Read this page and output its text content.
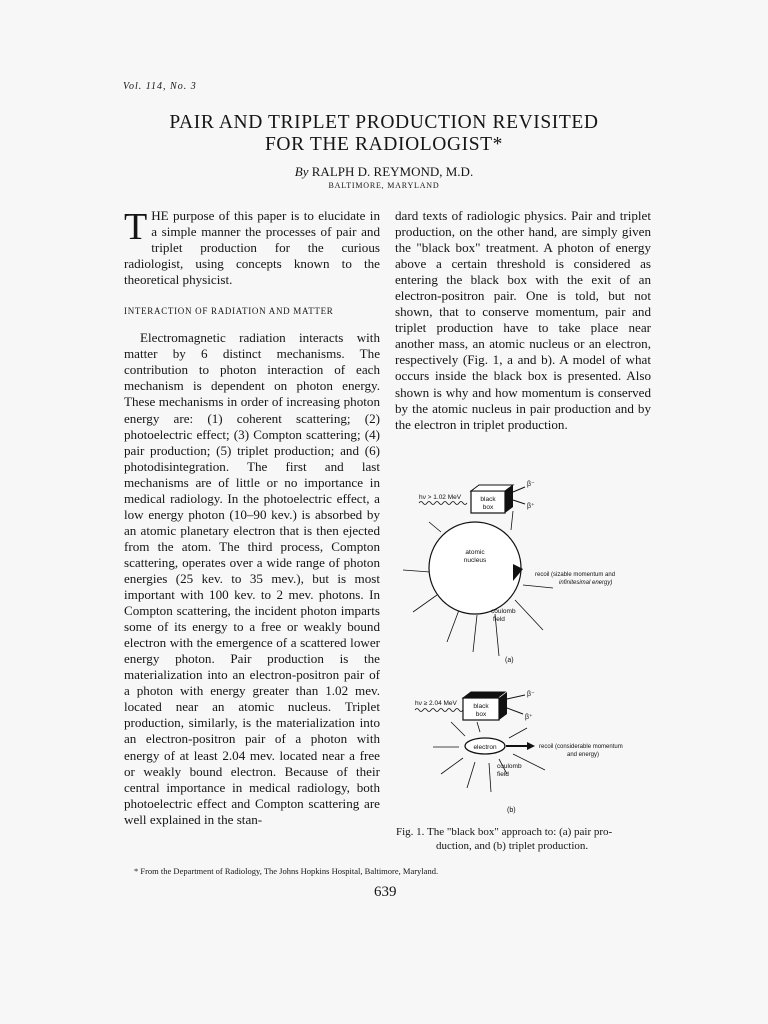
Vol. 114, No. 3
PAIR AND TRIPLET PRODUCTION REVISITED
FOR THE RADIOLOGIST*
By RALPH D. REYMOND, M.D.
BALTIMORE, MARYLAND

THE purpose of this paper is to elucidate in a simple manner the processes of pair and triplet production for the curious radiologist, using concepts known to the theoretical physicist.

INTERACTION OF RADIATION AND MATTER

Electromagnetic radiation interacts with matter by 6 distinct mechanisms. The contribution to photon interaction of each mechanism is dependent on photon energy. These mechanisms in order of increasing photon energy are: (1) coherent scattering; (2) photoelectric effect; (3) Compton scattering; (4) pair production; (5) triplet production; and (6) photodisintegration. The first and last mechanisms are of little or no importance in medical radiology. In the photoelectric effect, a low energy photon (10–90 kev.) is absorbed by an atomic planetary electron that is then ejected from the atom. The third process, Compton scattering, operates over a wide range of photon energies (25 kev. to 35 mev.), but is most important with 100 kev. to 2 mev. photons. In Compton scattering, the incident photon imparts some of its energy to a free or weakly bound electron with the emergence of a scattered lower energy photon. Pair production is the materialization into an electron-positron pair of a photon with energy greater than 1.02 mev. located near an atomic nucleus. Triplet production, similarly, is the materialization into an electron-positron pair of a photon with energy of at least 2.04 mev. located near a free or weakly bound electron. Because of their central importance in medical radiology, both photoelectric effect and Compton scattering are well explained in the stan-

dard texts of radiologic physics. Pair and triplet production, on the other hand, are simply given the "black box" treatment. A photon of energy above a certain threshold is considered as entering the black box with the exit of an electron-positron pair. One is told, but not shown, that to conserve momentum, pair and triplet production have to take place near another mass, an atomic nucleus or an electron, respectively (Fig. 1, a and b). A model of what occurs inside the black box is presented. Also shown is why and how momentum is conserved by the atomic nucleus in pair production and by the electron in triplet production.

hν > 1.02 MeV	black
box
β⁻
β⁺
atomic
nucleus
recoil (sizable momentum and
infinitesimal energy)
coulomb
field
(a)
hν ≥ 2.04 MeV	black
box
β⁻
β⁺
electron	recoil (considerable momentum
and energy)
coulomb
field
(b)
Fig. 1. The "black box" approach to: (a) pair pro-
duction, and (b) triplet production.
* From the Department of Radiology, The Johns Hopkins Hospital, Baltimore, Maryland.
639
